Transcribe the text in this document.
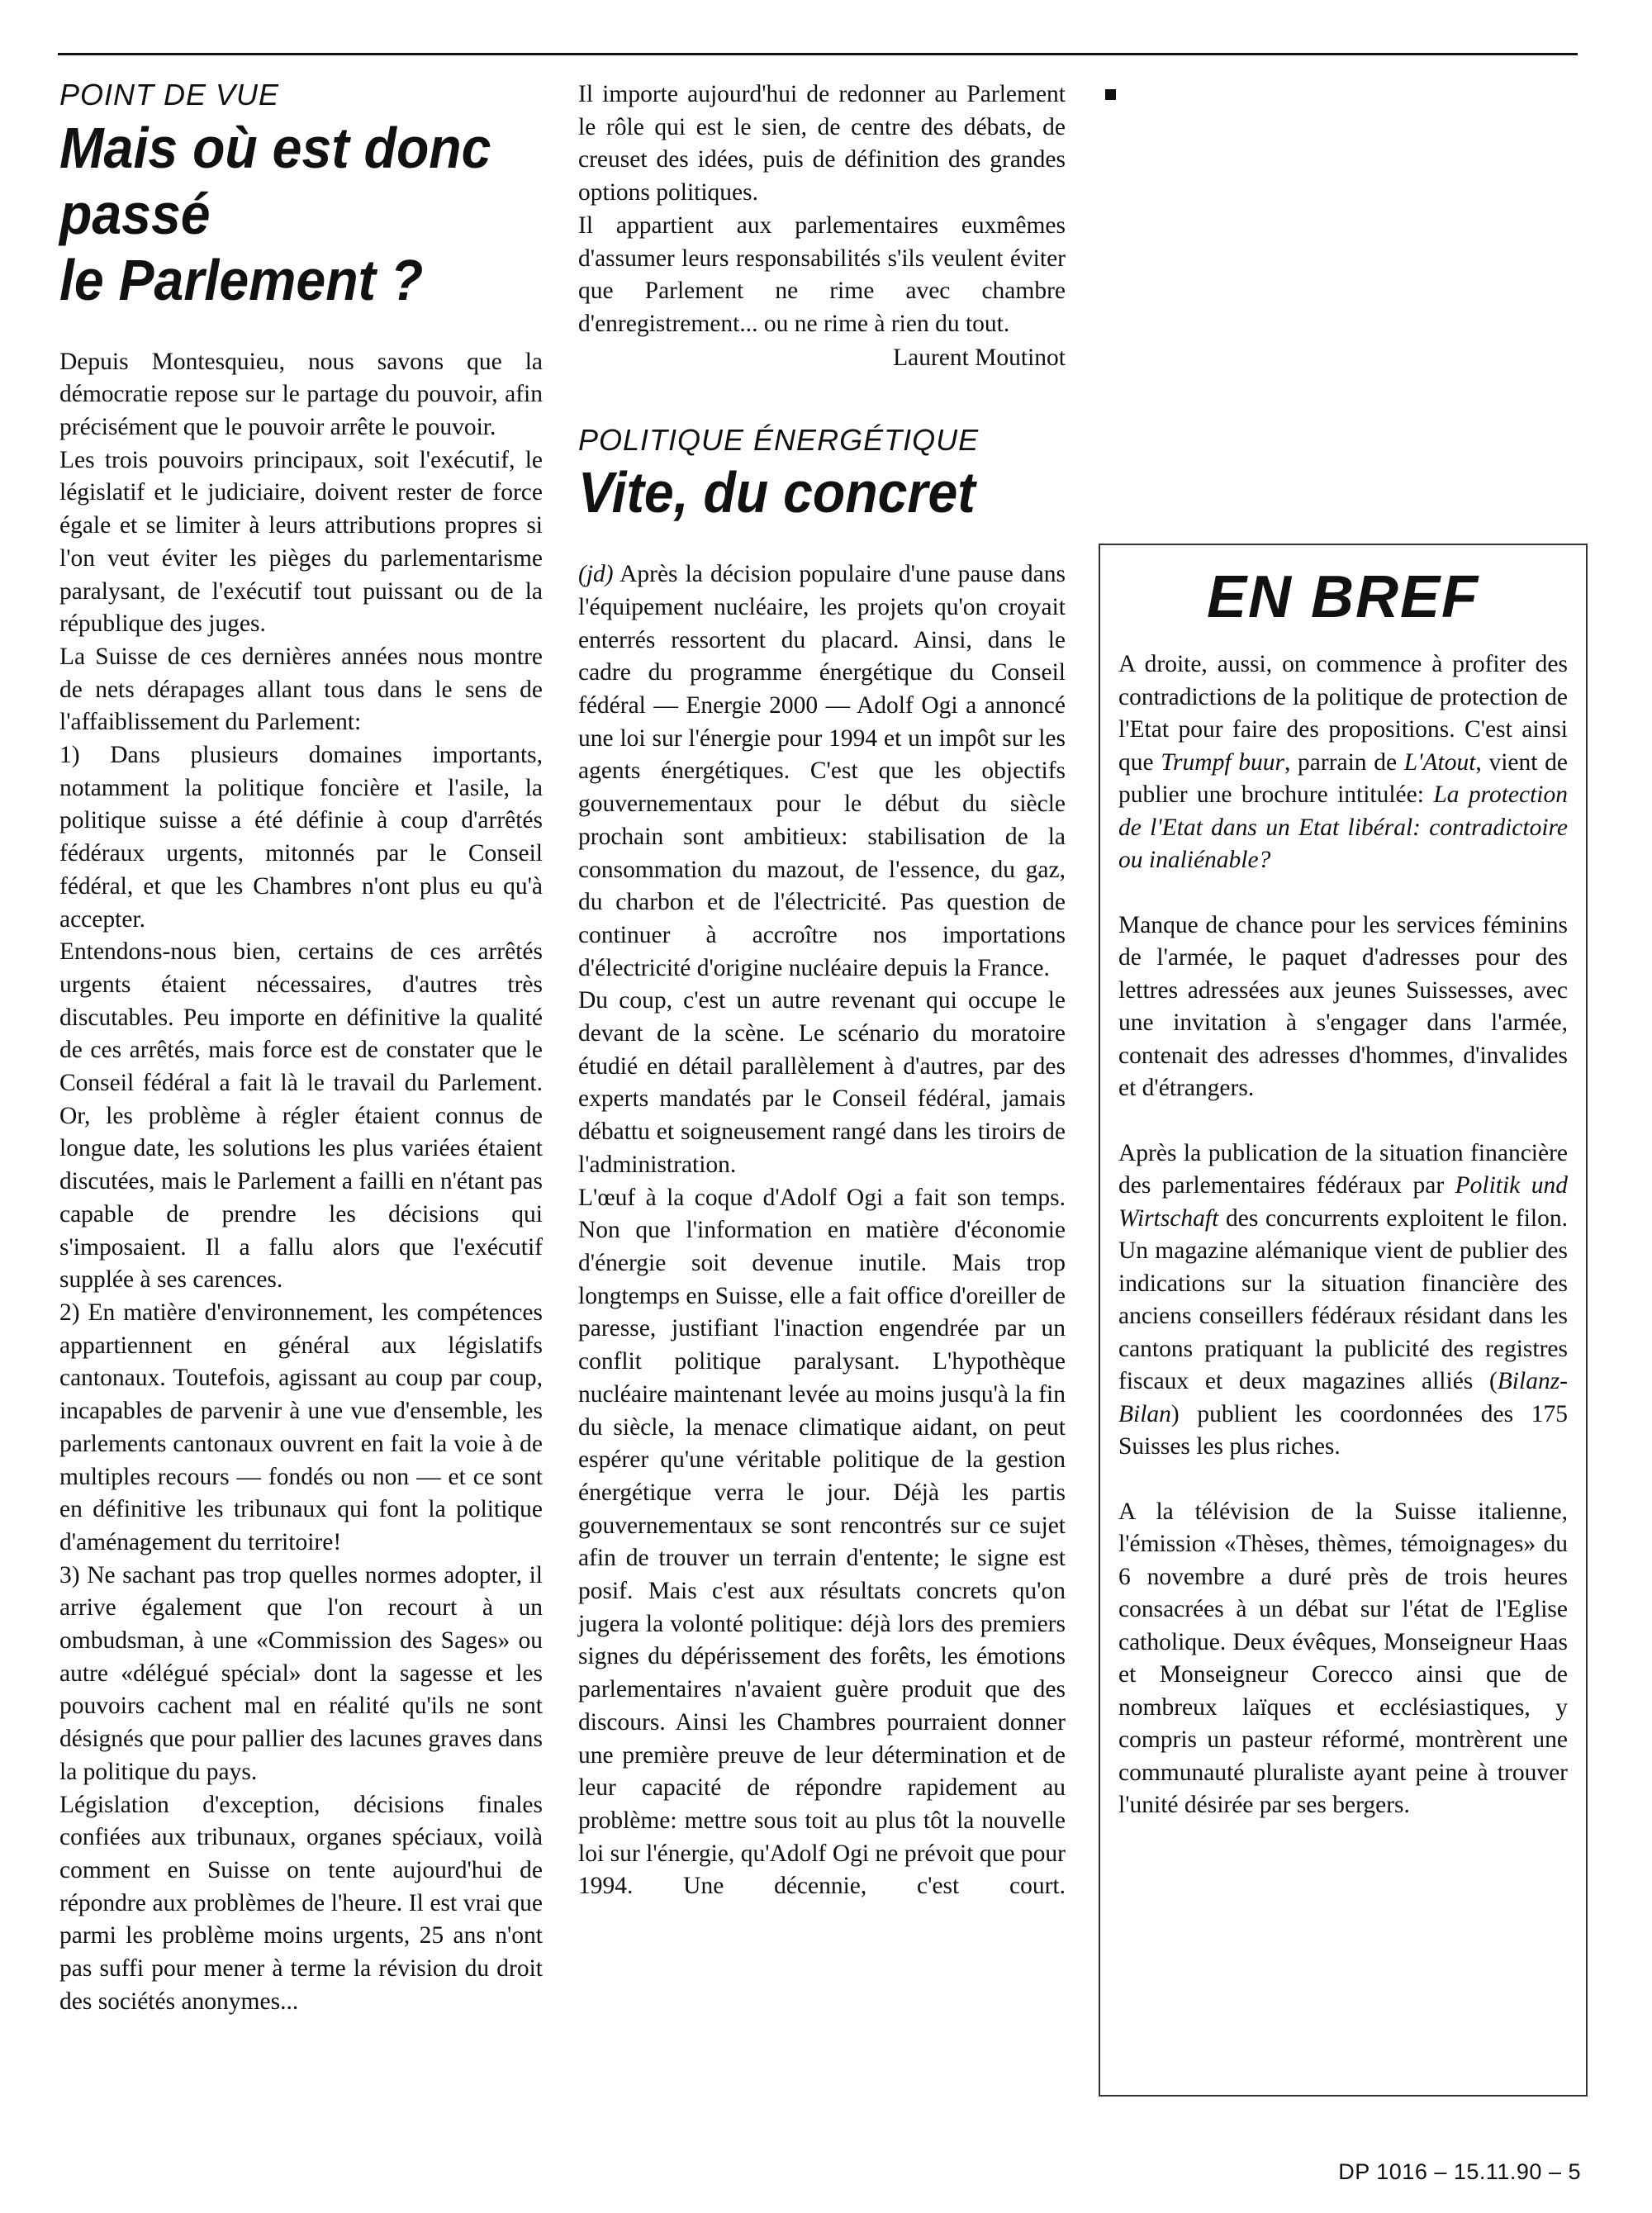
POINT DE VUE
Mais où est donc passé
le Parlement ?

Depuis Montesquieu, nous savons que la démocratie repose sur le partage du pouvoir, afin précisément que le pouvoir arrête le pouvoir.

Les trois pouvoirs principaux, soit l'exécutif, le législatif et le judiciaire, doivent rester de force égale et se limiter à leurs attributions propres si l'on veut éviter les pièges du parlementarisme paralysant, de l'exécutif tout puissant ou de la république des juges.

La Suisse de ces dernières années nous montre de nets dérapages allant tous dans le sens de l'affaiblissement du Parlement:

1) Dans plusieurs domaines importants, notamment la politique foncière et l'asile, la politique suisse a été définie à coup d'arrêtés fédéraux urgents, mitonnés par le Conseil fédéral, et que les Chambres n'ont plus eu qu'à accepter.

Entendons-nous bien, certains de ces arrêtés urgents étaient nécessaires, d'autres très discutables. Peu importe en définitive la qualité de ces arrêtés, mais force est de constater que le Conseil fédéral a fait là le travail du Parlement. Or, les problème à régler étaient connus de longue date, les solutions les plus variées étaient discutées, mais le Parlement a failli en n'étant pas capable de prendre les décisions qui s'imposaient. Il a fallu alors que l'exécutif supplée à ses carences.

2) En matière d'environnement, les compétences appartiennent en général aux législatifs cantonaux. Toutefois, agissant au coup par coup, incapables de parvenir à une vue d'ensemble, les parlements cantonaux ouvrent en fait la voie à de multiples recours — fondés ou non — et ce sont en définitive les tribunaux qui font la politique d'aménagement du territoire!

3) Ne sachant pas trop quelles normes adopter, il arrive également que l'on recourt à un ombudsman, à une «Commission des Sages» ou autre «délégué spécial» dont la sagesse et les pouvoirs cachent mal en réalité qu'ils ne sont désignés que pour pallier des lacunes graves dans la politique du pays.

Législation d'exception, décisions finales confiées aux tribunaux, organes spéciaux, voilà comment en Suisse on tente aujourd'hui de répondre aux problèmes de l'heure. Il est vrai que parmi les problème moins urgents, 25 ans n'ont pas suffi pour mener à terme la révision du droit des sociétés anonymes...

Il importe aujourd'hui de redonner au Parlement le rôle qui est le sien, de centre des débats, de creuset des idées, puis de définition des grandes options politiques.

Il appartient aux parlementaires euxmêmes d'assumer leurs responsabilités s'ils veulent éviter que Parlement ne rime avec chambre d'enregistrement... ou ne rime à rien du tout.

Laurent Moutinot

POLITIQUE ÉNERGÉTIQUE
Vite, du concret

(jd) Après la décision populaire d'une pause dans l'équipement nucléaire, les projets qu'on croyait enterrés ressortent du placard. Ainsi, dans le cadre du programme énergétique du Conseil fédéral — Energie 2000 — Adolf Ogi a annoncé une loi sur l'énergie pour 1994 et un impôt sur les agents énergétiques. C'est que les objectifs gouvernementaux pour le début du siècle prochain sont ambitieux: stabilisation de la consommation du mazout, de l'essence, du gaz, du charbon et de l'électricité. Pas question de continuer à accroître nos importations d'électricité d'origine nucléaire depuis la France.

Du coup, c'est un autre revenant qui occupe le devant de la scène. Le scénario du moratoire étudié en détail parallèlement à d'autres, par des experts mandatés par le Conseil fédéral, jamais débattu et soigneusement rangé dans les tiroirs de l'administration.

L'œuf à la coque d'Adolf Ogi a fait son temps. Non que l'information en matière d'économie d'énergie soit devenue inutile. Mais trop longtemps en Suisse, elle a fait office d'oreiller de paresse, justifiant l'inaction engendrée par un conflit politique paralysant. L'hypothèque nucléaire maintenant levée au moins jusqu'à la fin du siècle, la menace climatique aidant, on peut espérer qu'une véritable politique de la gestion énergétique verra le jour. Déjà les partis gouvernementaux se sont rencontrés sur ce sujet afin de trouver un terrain d'entente; le signe est posif. Mais c'est aux résultats concrets qu'on jugera la volonté politique: déjà lors des premiers signes du dépérissement des forêts, les émotions parlementaires n'avaient guère produit que des discours. Ainsi les Chambres pourraient donner une première preuve de leur détermination et de leur capacité de répondre rapidement au problème: mettre sous toit au plus tôt la nouvelle loi sur l'énergie, qu'Adolf Ogi ne prévoit que pour 1994. Une décennie, c'est court.

EN BREF

A droite, aussi, on commence à profiter des contradictions de la politique de protection de l'Etat pour faire des propositions. C'est ainsi que Trumpf buur, parrain de L'Atout, vient de publier une brochure intitulée: La protection de l'Etat dans un Etat libéral: contradictoire ou inaliénable?

Manque de chance pour les services féminins de l'armée, le paquet d'adresses pour des lettres adressées aux jeunes Suissesses, avec une invitation à s'engager dans l'armée, contenait des adresses d'hommes, d'invalides et d'étrangers.

Après la publication de la situation financière des parlementaires fédéraux par Politik und Wirtschaft des concurrents exploitent le filon. Un magazine alémanique vient de publier des indications sur la situation financière des anciens conseillers fédéraux résidant dans les cantons pratiquant la publicité des registres fiscaux et deux magazines alliés (Bilanz-Bilan) publient les coordonnées des 175 Suisses les plus riches.

A la télévision de la Suisse italienne, l'émission «Thèses, thèmes, témoignages» du 6 novembre a duré près de trois heures consacrées à un débat sur l'état de l'Eglise catholique. Deux évêques, Monseigneur Haas et Monseigneur Corecco ainsi que de nombreux laïques et ecclésiastiques, y compris un pasteur réformé, montrèrent une communauté pluraliste ayant peine à trouver l'unité désirée par ses bergers.

DP 1016 – 15.11.90 – 5
